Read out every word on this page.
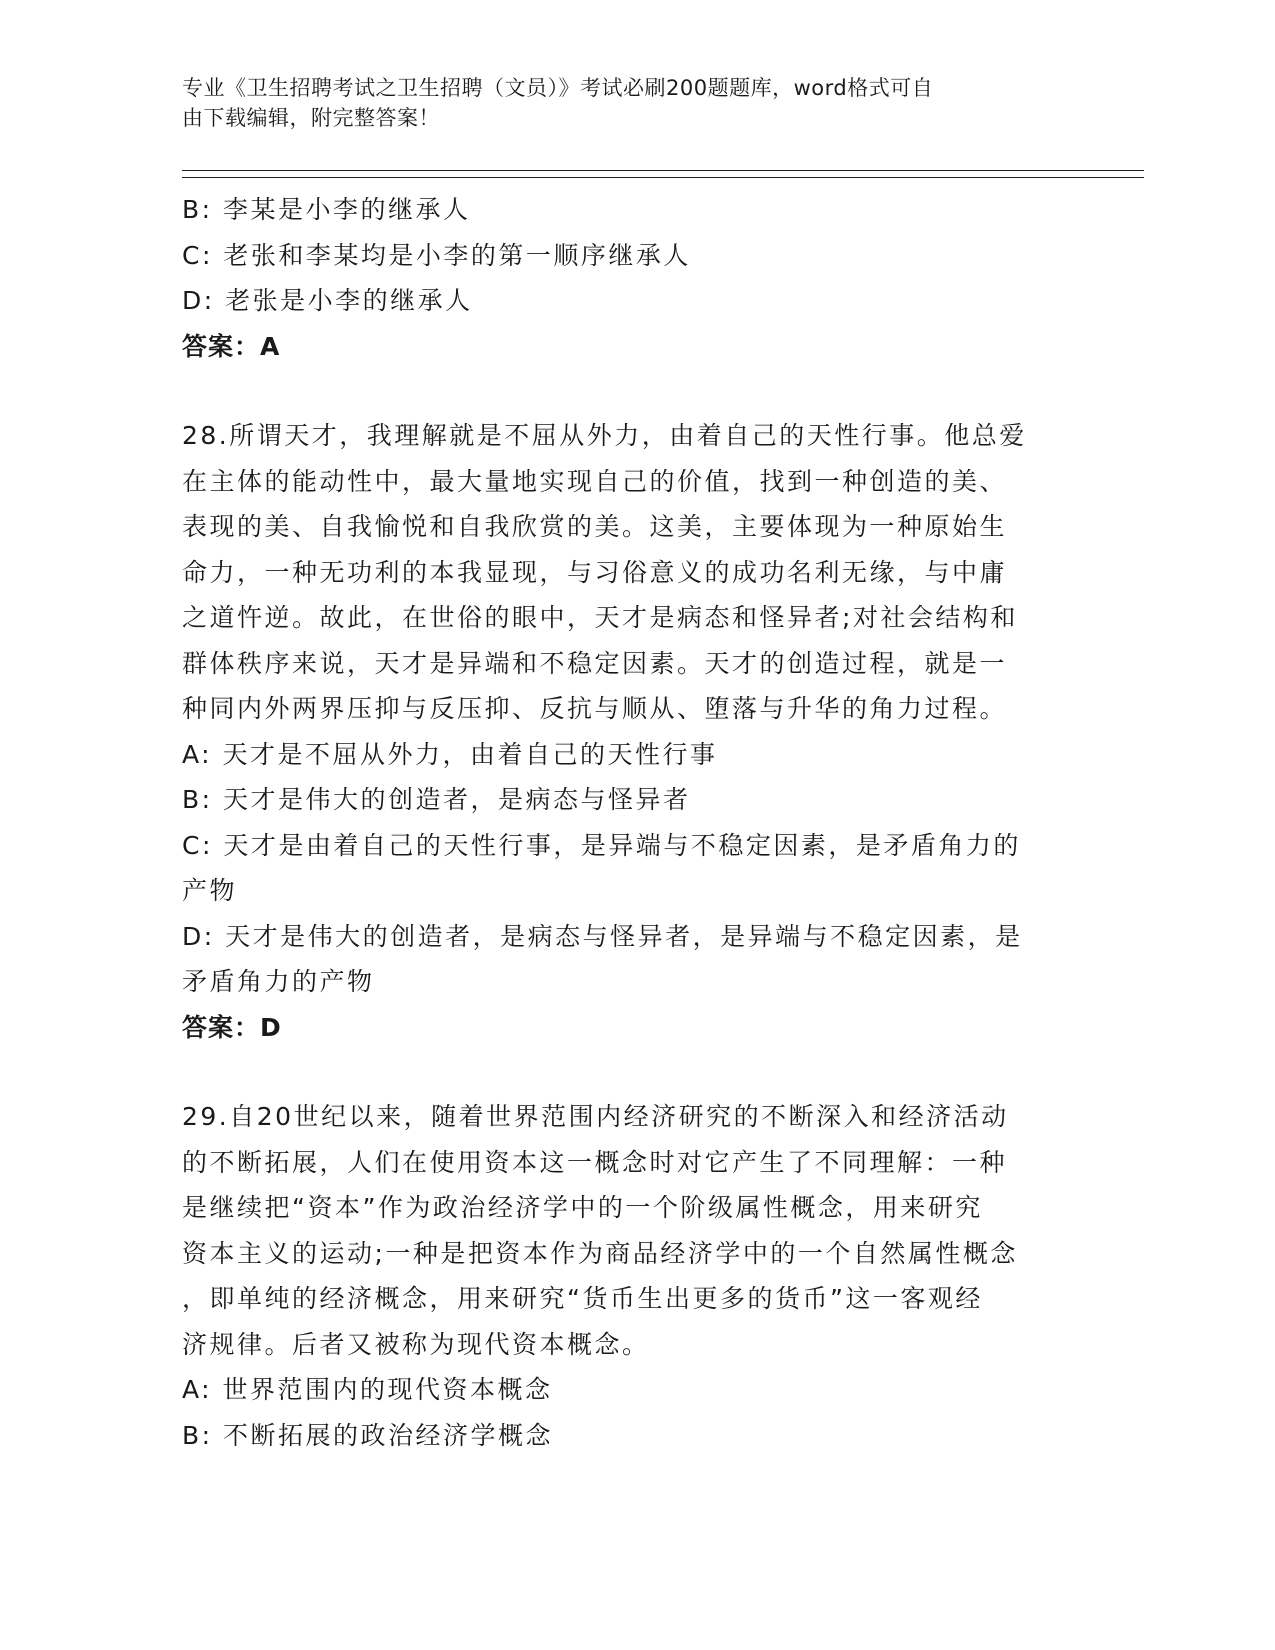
专业《卫生招聘考试之卫生招聘（文员）》考试必刷200题题库，word格式可自
由下载编辑，附完整答案！
B: 李某是小李的继承人
C: 老张和李某均是小李的第一顺序继承人
D: 老张是小李的继承人
答案：A
28.所谓天才，我理解就是不屈从外力，由着自己的天性行事。他总爱
在主体的能动性中，最大量地实现自己的价值，找到一种创造的美、
表现的美、自我愉悦和自我欣赏的美。这美，主要体现为一种原始生
命力，一种无功利的本我显现，与习俗意义的成功名利无缘，与中庸
之道忤逆。故此，在世俗的眼中，天才是病态和怪异者;对社会结构和
群体秩序来说，天才是异端和不稳定因素。天才的创造过程，就是一
种同内外两界压抑与反压抑、反抗与顺从、堕落与升华的角力过程。
A: 天才是不屈从外力，由着自己的天性行事
B: 天才是伟大的创造者，是病态与怪异者
C: 天才是由着自己的天性行事，是异端与不稳定因素，是矛盾角力的
产物
D: 天才是伟大的创造者，是病态与怪异者，是异端与不稳定因素，是
矛盾角力的产物
答案：D
29.自20世纪以来，随着世界范围内经济研究的不断深入和经济活动
的不断拓展，人们在使用资本这一概念时对它产生了不同理解：一种
是继续把“资本”作为政治经济学中的一个阶级属性概念，用来研究
资本主义的运动;一种是把资本作为商品经济学中的一个自然属性概念
，即单纯的经济概念，用来研究“货币生出更多的货币”这一客观经
济规律。后者又被称为现代资本概念。
A: 世界范围内的现代资本概念
B: 不断拓展的政治经济学概念
